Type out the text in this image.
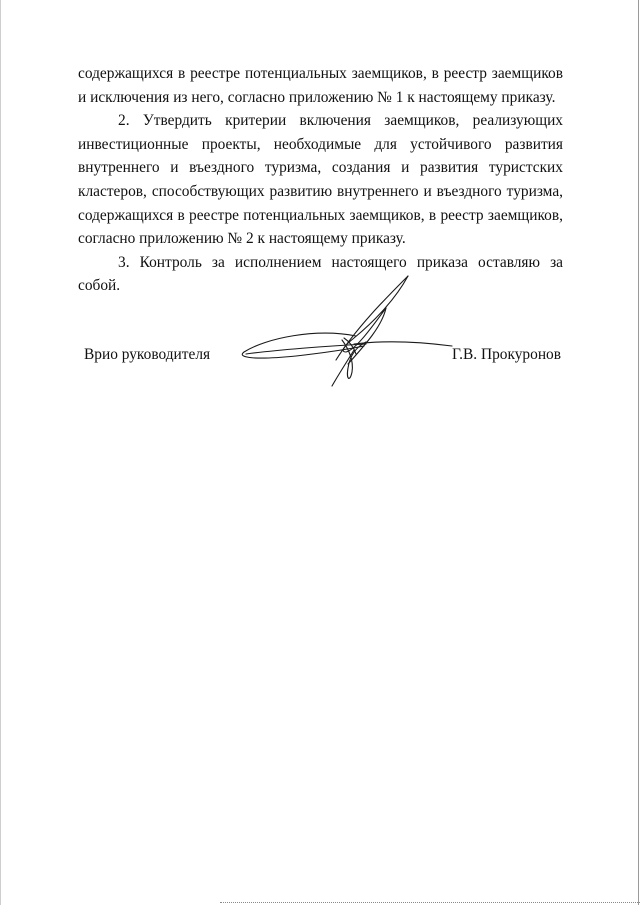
содержащихся в реестре потенциальных заемщиков, в реестр заемщиков и исключения из него, согласно приложению № 1 к настоящему приказу.

2. Утвердить критерии включения заемщиков, реализующих инвестиционные проекты, необходимые для устойчивого развития внутреннего и въездного туризма, создания и развития туристских кластеров, способствующих развитию внутреннего и въездного туризма, содержащихся в реестре потенциальных заемщиков, в реестр заемщиков, согласно приложению № 2 к настоящему приказу.

3. Контроль за исполнением настоящего приказа оставляю за собой.

Врио руководителя	Г.В. Прокуронов
